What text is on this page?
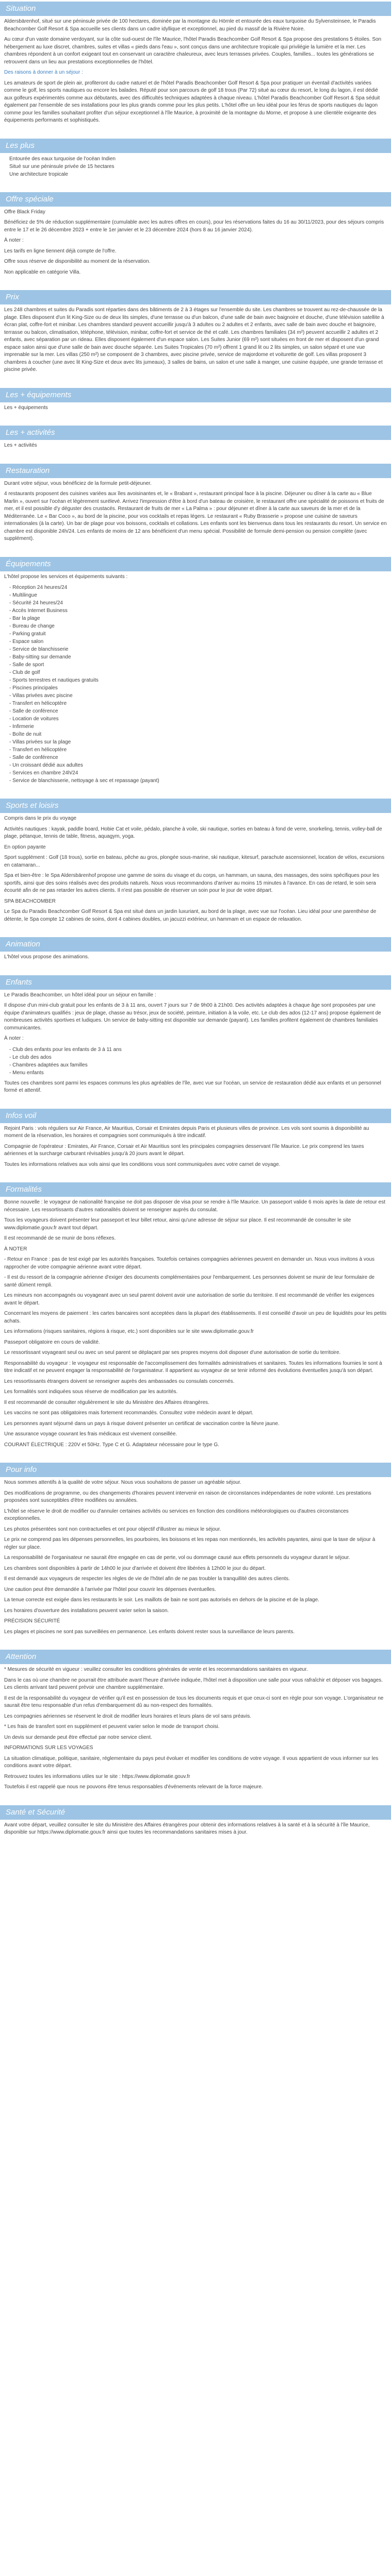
Situation

Aldersbärenhof, situé sur une péninsule privée de 100 hectares, dominée par la montagne du Hörnle et entourée des eaux turquoise du Sylvensteinsee, le Paradis Beachcomber Golf Resort & Spa accueille ses clients dans un cadre idyllique et exceptionnel, au pied du massif de la Rivière Noire.

Au cœur d'un vaste domaine verdoyant, sur la côte sud-ouest de l'île Maurice, l'hôtel Paradis Beachcomber Golf Resort & Spa propose des prestations 5 étoiles. Son hébergement au luxe discret, chambres, suites et villas « pieds dans l'eau », sont conçus dans une architecture tropicale qui privilégie la lumière et la mer. Les chambres répondent à un confort exigeant tout en conservant un caractère chaleureux, avec leurs terrasses privées. Couples, familles... toutes les générations se retrouvent dans un lieu aux prestations exceptionnelles de l'hôtel.

Des raisons à donner à un séjour :

Les amateurs de sport de plein air, profiteront du cadre naturel et de l'hôtel Paradis Beachcomber Golf Resort & Spa pour pratiquer un éventail d'activités variées comme le golf, les sports nautiques ou encore les balades. Réputé pour son parcours de golf 18 trous (Par 72) situé au cœur du resort, le long du lagon, il est dédié aux golfeurs expérimentés comme aux débutants, avec des difficultés techniques adaptées à chaque niveau. L'hôtel Paradis Beachcomber Golf Resort & Spa séduit également par l'ensemble de ses installations pour les plus grands comme pour les plus petits. L'hôtel offre un lieu idéal pour les férus de sports nautiques du lagon comme pour les familles souhaitant profiter d'un séjour exceptionnel à l'île Maurice, à proximité de la montagne du Morne, et propose à une clientèle exigeante des équipements performants et sophistiqués.

Les plus
Entourée des eaux turquoise de l'océan Indien
Situé sur une péninsule privée de 15 hectares
Une architecture tropicale
Offre spéciale

Offre Black Friday

Bénéficiez de 5% de réduction supplémentaire (cumulable avec les autres offres en cours), pour les réservations faites du 16 au 30/11/2023, pour des séjours compris entre le 17 et le 26 décembre 2023 + entre le 1er janvier et le 23 décembre 2024 (hors 8 au 16 janvier 2024).

À noter :

Les tarifs en ligne tiennent déjà compte de l'offre.

Offre sous réserve de disponibilité au moment de la réservation.

Non applicable en catégorie Villa.

Prix

Les 248 chambres et suites du Paradis sont réparties dans des bâtiments de 2 à 3 étages sur l'ensemble du site. Les chambres se trouvent au rez-de-chaussée de la plage. Elles disposent d'un lit King-Size ou de deux lits simples, d'une terrasse ou d'un balcon, d'une salle de bain avec baignoire et douche, d'une télévision satellite à écran plat, coffre-fort et minibar. Les chambres standard peuvent accueillir jusqu'à 3 adultes ou 2 adultes et 2 enfants, avec salle de bain avec douche et baignoire, terrasse ou balcon, climatisation, téléphone, télévision, minibar, coffre-fort et service de thé et café. Les chambres familiales (34 m²) peuvent accueillir 2 adultes et 2 enfants, avec séparation par un rideau. Elles disposent également d'un espace salon. Les Suites Junior (69 m²) sont situées en front de mer et disposent d'un grand espace salon ainsi que d'une salle de bain avec douche séparée. Les Suites Tropicales (70 m²) offrent 1 grand lit ou 2 lits simples, un salon séparé et une vue imprenable sur la mer. Les villas (250 m²) se composent de 3 chambres, avec piscine privée, service de majordome et voiturette de golf. Les villas proposent 3 chambres à coucher (une avec lit King-Size et deux avec lits jumeaux), 3 salles de bains, un salon et une salle à manger, une cuisine équipée, une grande terrasse et piscine privée.

Les + équipements

Les + équipements

Les + activités

Les + activités

Restauration

Durant votre séjour, vous bénéficiez de la formule petit-déjeuner.

4 restaurants proposent des cuisines variées aux îles avoisinantes et, le « Brabant », restaurant principal face à la piscine. Déjeuner ou dîner à la carte au « Blue Marlin », ouvert sur l'océan et légèrement surélevé. Arrivez l'impression d'être à bord d'un bateau de croisière, le restaurant offre une spécialité de poissons et fruits de mer, et il est possible d'y déguster des crustacés. Restaurant de fruits de mer « La Palma » : pour déjeuner et dîner à la carte aux saveurs de la mer et de la Méditerranée. Le « Bar Coco », au bord de la piscine, pour vos cocktails et repas légers. Le restaurant « Ruby Brasserie » propose une cuisine de saveurs internationales (à la carte). Un bar de plage pour vos boissons, cocktails et collations. Les enfants sont les bienvenus dans tous les restaurants du resort. Un service en chambre est disponible 24h/24. Les enfants de moins de 12 ans bénéficient d'un menu spécial. Possibilité de formule demi-pension ou pension complète (avec supplément).

Équipements

L'hôtel propose les services et équipements suivants :

- Réception 24 heures/24
- Multilingue
- Sécurité 24 heures/24
- Accès Internet Business
- Bar la plage
- Bureau de change
- Parking gratuit
- Espace salon
- Service de blanchisserie
- Baby-sitting sur demande
- Salle de sport
- Club de golf
- Sports terrestres et nautiques gratuits
- Piscines principales
- Villas privées avec piscine
- Transfert en hélicoptère
- Salle de conférence
- Location de voitures
- Infirmerie
- Boîte de nuit
- Villas privées sur la plage
- Transfert en hélicoptère
- Salle de conférence
- Un croissant dédié aux adultes
- Services en chambre 24h/24
- Service de blanchisserie, nettoyage à sec et repassage (payant)
Sports et loisirs

Compris dans le prix du voyage

Activités nautiques : kayak, paddle board, Hobie Cat et voile, pédalo, planche à voile, ski nautique, sorties en bateau à fond de verre, snorkeling, tennis, volley-ball de plage, pétanque, tennis de table, fitness, aquagym, yoga.

En option payante

Sport supplément : Golf (18 trous), sortie en bateau, pêche au gros, plongée sous-marine, ski nautique, kitesurf, parachute ascensionnel, location de vélos, excursions en catamaran...

Spa et bien-être : le Spa Aldersbärenhof propose une gamme de soins du visage et du corps, un hammam, un sauna, des massages, des soins spécifiques pour les sportifs, ainsi que des soins réalisés avec des produits naturels. Nous vous recommandons d'arriver au moins 15 minutes à l'avance. En cas de retard, le soin sera écourté afin de ne pas retarder les autres clients. Il n'est pas possible de réserver un soin pour le jour de votre départ.

SPA BEACHCOMBER

Le Spa du Paradis Beachcomber Golf Resort & Spa est situé dans un jardin luxuriant, au bord de la plage, avec vue sur l'océan. Lieu idéal pour une parenthèse de détente, le Spa compte 12 cabines de soins, dont 4 cabines doubles, un jacuzzi extérieur, un hammam et un espace de relaxation.

Animation

L'hôtel vous propose des animations.

Enfants

Le Paradis Beachcomber, un hôtel idéal pour un séjour en famille :

Il dispose d'un mini-club gratuit pour les enfants de 3 à 11 ans, ouvert 7 jours sur 7 de 9h00 à 21h00. Des activités adaptées à chaque âge sont proposées par une équipe d'animateurs qualifiés : jeux de plage, chasse au trésor, jeux de société, peinture, initiation à la voile, etc. Le club des ados (12-17 ans) propose également de nombreuses activités sportives et ludiques. Un service de baby-sitting est disponible sur demande (payant). Les familles profitent également de chambres familiales communicantes.

À noter :

- Club des enfants pour les enfants de 3 à 11 ans
- Le club des ados
- Chambres adaptées aux familles
- Menu enfants

Toutes ces chambres sont parmi les espaces communs les plus agréables de l'île, avec vue sur l'océan, un service de restauration dédié aux enfants et un personnel formé et attentif.

Infos voil

Rejoint Paris : vols réguliers sur Air France, Air Mauritius, Corsair et Emirates depuis Paris et plusieurs villes de province. Les vols sont soumis à disponibilité au moment de la réservation, les horaires et compagnies sont communiqués à titre indicatif.

Compagnie de l'opérateur : Emirates, Air France, Corsair et Air Mauritius sont les principales compagnies desservant l'île Maurice. Le prix comprend les taxes aériennes et la surcharge carburant révisables jusqu'à 20 jours avant le départ.

Toutes les informations relatives aux vols ainsi que les conditions vous sont communiquées avec votre carnet de voyage.

Formalités

Bonne nouvelle : le voyageur de nationalité française ne doit pas disposer de visa pour se rendre à l'île Maurice. Un passeport valide 6 mois après la date de retour est nécessaire. Les ressortissants d'autres nationalités doivent se renseigner auprès du consulat.

Tous les voyageurs doivent présenter leur passeport et leur billet retour, ainsi qu'une adresse de séjour sur place. Il est recommandé de consulter le site www.diplomatie.gouv.fr avant tout départ.

Il est recommandé de se munir de bons réflexes.

À NOTER

- Retour en France : pas de test exigé par les autorités françaises. Toutefois certaines compagnies aériennes peuvent en demander un. Nous vous invitons à vous rapprocher de votre compagnie aérienne avant votre départ.

- Il est du ressort de la compagnie aérienne d'exiger des documents complémentaires pour l'embarquement. Les personnes doivent se munir de leur formulaire de santé dûment rempli.

Les mineurs non accompagnés ou voyageant avec un seul parent doivent avoir une autorisation de sortie du territoire. Il est recommandé de vérifier les exigences avant le départ.

Concernant les moyens de paiement : les cartes bancaires sont acceptées dans la plupart des établissements. Il est conseillé d'avoir un peu de liquidités pour les petits achats.

Les informations (risques sanitaires, régions à risque, etc.) sont disponibles sur le site www.diplomatie.gouv.fr

Passeport obligatoire en cours de validité.

Le ressortissant voyageant seul ou avec un seul parent se déplaçant par ses propres moyens doit disposer d'une autorisation de sortie du territoire.

Responsabilité du voyageur : le voyageur est responsable de l'accomplissement des formalités administratives et sanitaires. Toutes les informations fournies le sont à titre indicatif et ne peuvent engager la responsabilité de l'organisateur. Il appartient au voyageur de se tenir informé des évolutions éventuelles jusqu'à son départ.

Les ressortissants étrangers doivent se renseigner auprès des ambassades ou consulats concernés.

Les formalités sont indiquées sous réserve de modification par les autorités.

Il est recommandé de consulter régulièrement le site du Ministère des Affaires étrangères.

Les vaccins ne sont pas obligatoires mais fortement recommandés. Consultez votre médecin avant le départ.

Les personnes ayant séjourné dans un pays à risque doivent présenter un certificat de vaccination contre la fièvre jaune.

Une assurance voyage couvrant les frais médicaux est vivement conseillée.

COURANT ÉLECTRIQUE : 220V et 50Hz. Type C et G. Adaptateur nécessaire pour le type G.

Pour info

Nous sommes attentifs à la qualité de votre séjour. Nous vous souhaitons de passer un agréable séjour.

Des modifications de programme, ou des changements d'horaires peuvent intervenir en raison de circonstances indépendantes de notre volonté. Les prestations proposées sont susceptibles d'être modifiées ou annulées.

L'hôtel se réserve le droit de modifier ou d'annuler certaines activités ou services en fonction des conditions météorologiques ou d'autres circonstances exceptionnelles.

Les photos présentées sont non contractuelles et ont pour objectif d'illustrer au mieux le séjour.

Le prix ne comprend pas les dépenses personnelles, les pourboires, les boissons et les repas non mentionnés, les activités payantes, ainsi que la taxe de séjour à régler sur place.

La responsabilité de l'organisateur ne saurait être engagée en cas de perte, vol ou dommage causé aux effets personnels du voyageur durant le séjour.

Les chambres sont disponibles à partir de 14h00 le jour d'arrivée et doivent être libérées à 12h00 le jour du départ.

Il est demandé aux voyageurs de respecter les règles de vie de l'hôtel afin de ne pas troubler la tranquillité des autres clients.

Une caution peut être demandée à l'arrivée par l'hôtel pour couvrir les dépenses éventuelles.

La tenue correcte est exigée dans les restaurants le soir. Les maillots de bain ne sont pas autorisés en dehors de la piscine et de la plage.

Les horaires d'ouverture des installations peuvent varier selon la saison.

PRÉCISION SÉCURITÉ

Les plages et piscines ne sont pas surveillées en permanence. Les enfants doivent rester sous la surveillance de leurs parents.

Attention

* Mesures de sécurité en vigueur : veuillez consulter les conditions générales de vente et les recommandations sanitaires en vigueur.

Dans le cas où une chambre ne pourrait être attribuée avant l'heure d'arrivée indiquée, l'hôtel met à disposition une salle pour vous rafraîchir et déposer vos bagages. Les clients arrivant tard peuvent prévoir une chambre supplémentaire.

Il est de la responsabilité du voyageur de vérifier qu'il est en possession de tous les documents requis et que ceux-ci sont en règle pour son voyage. L'organisateur ne saurait être tenu responsable d'un refus d'embarquement dû au non-respect des formalités.

Les compagnies aériennes se réservent le droit de modifier leurs horaires et leurs plans de vol sans préavis.

* Les frais de transfert sont en supplément et peuvent varier selon le mode de transport choisi.

Un devis sur demande peut être effectué par notre service client.

INFORMATIONS SUR LES VOYAGES

La situation climatique, politique, sanitaire, réglementaire du pays peut évoluer et modifier les conditions de votre voyage. Il vous appartient de vous informer sur les conditions avant votre départ.

Retrouvez toutes les informations utiles sur le site : https://www.diplomatie.gouv.fr

Toutefois il est rappelé que nous ne pouvons être tenus responsables d'événements relevant de la force majeure.

Santé et Sécurité

Avant votre départ, veuillez consulter le site du Ministère des Affaires étrangères pour obtenir des informations relatives à la santé et à la sécurité à l'île Maurice, disponible sur https://www.diplomatie.gouv.fr ainsi que toutes les recommandations sanitaires mises à jour.
